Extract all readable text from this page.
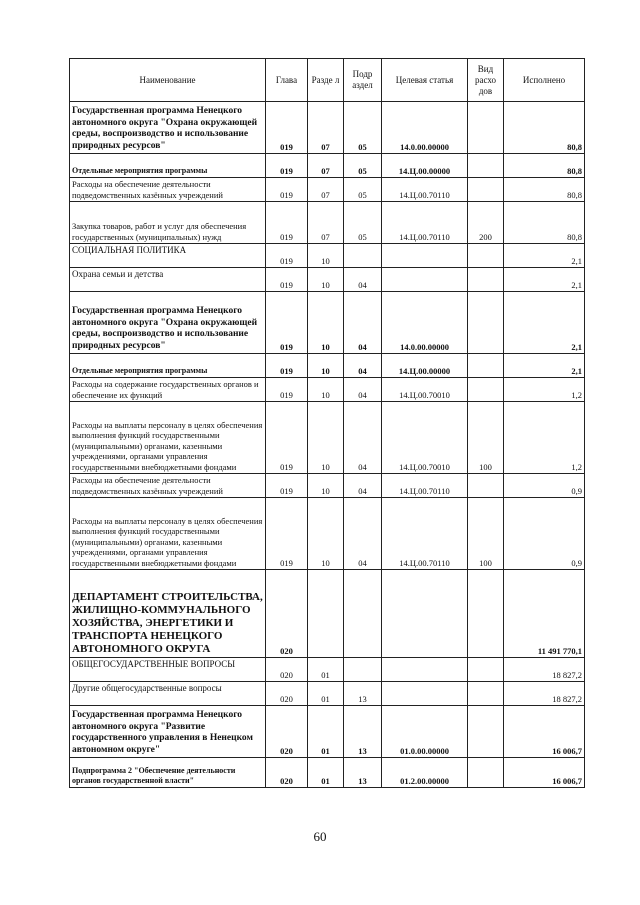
Наименование	Глава	Разде л	Подр аздел	Целевая статья	Вид расхо дов	Исполнено
Государственная программа Ненецкого автономного округа "Охрана окружающей среды, воспроизводство и использование природных ресурсов"	019	07	05	14.0.00.00000		80,8
Отдельные мероприятия программы	019	07	05	14.Ц.00.00000		80,8
Расходы на обеспечение деятельности подведомственных казённых учреждений	019	07	05	14.Ц.00.70110		80,8
Закупка товаров, работ и услуг для обеспечения государственных (муниципальных) нужд	019	07	05	14.Ц.00.70110	200	80,8
СОЦИАЛЬНАЯ ПОЛИТИКА	019	10				2,1
Охрана семьи и детства	019	10	04			2,1
Государственная программа Ненецкого автономного округа "Охрана окружающей среды, воспроизводство и использование природных ресурсов"	019	10	04	14.0.00.00000		2,1
Отдельные мероприятия программы	019	10	04	14.Ц.00.00000		2,1
Расходы на содержание государственных органов и обеспечение их функций	019	10	04	14.Ц.00.70010		1,2
Расходы на выплаты персоналу в целях обеспечения выполнения функций государственными (муниципальными) органами, казенными учреждениями, органами управления государственными внебюджетными фондами	019	10	04	14.Ц.00.70010	100	1,2
Расходы на обеспечение деятельности подведомственных казённых учреждений	019	10	04	14.Ц.00.70110		0,9
Расходы на выплаты персоналу в целях обеспечения выполнения функций государственными (муниципальными) органами, казенными учреждениями, органами управления государственными внебюджетными фондами	019	10	04	14.Ц.00.70110	100	0,9
ДЕПАРТАМЕНТ СТРОИТЕЛЬСТВА, ЖИЛИЩНО-КОММУНАЛЬНОГО ХОЗЯЙСТВА, ЭНЕРГЕТИКИ И ТРАНСПОРТА НЕНЕЦКОГО АВТОНОМНОГО ОКРУГА	020					11 491 770,1
ОБЩЕГОСУДАРСТВЕННЫЕ ВОПРОСЫ	020	01				18 827,2
Другие общегосударственные вопросы	020	01	13			18 827,2
Государственная программа Ненецкого автономного округа "Развитие государственного управления в Ненецком автономном округе"	020	01	13	01.0.00.00000		16 006,7
Подпрограмма 2 "Обеспечение деятельности органов государственной власти"	020	01	13	01.2.00.00000		16 006,7
60
